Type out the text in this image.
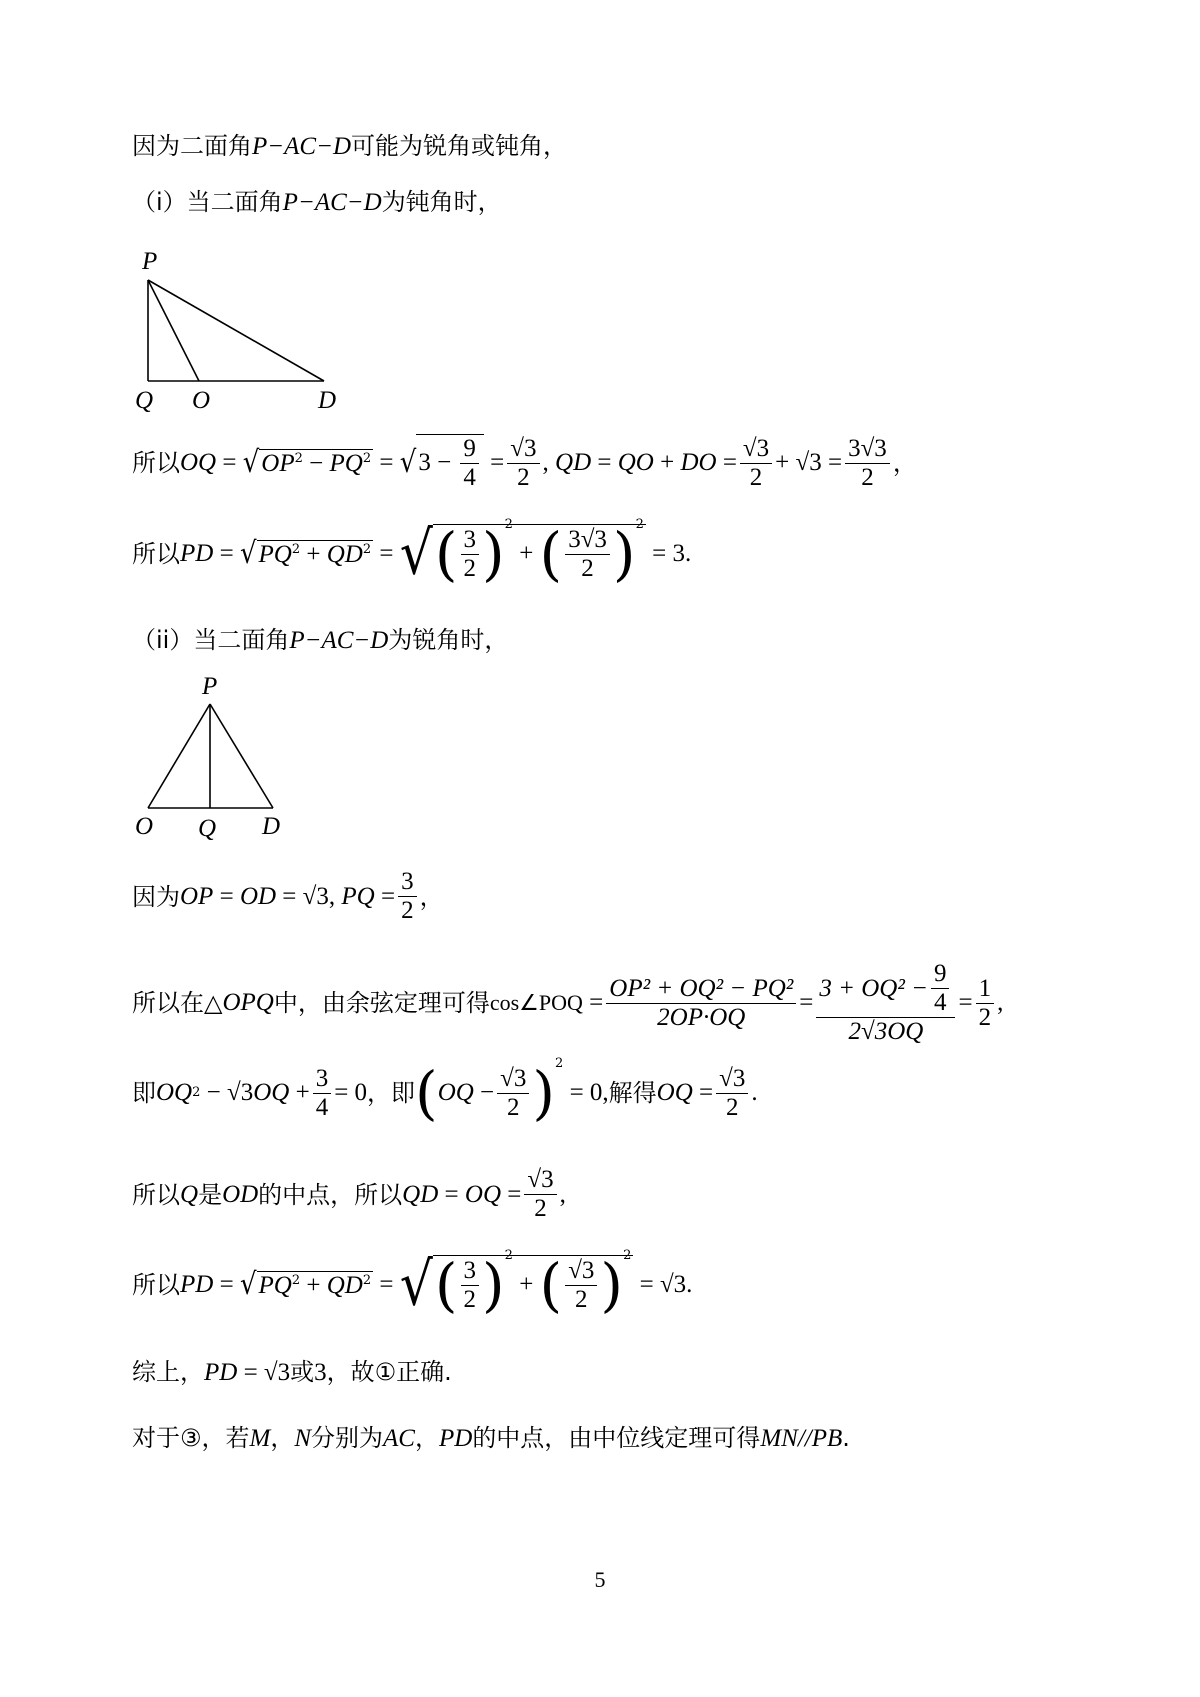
因为二面角P−AC−D可能为锐角或钝角，
（i）当二面角P−AC−D为钝角时，
P
Q O	D
所以 OQ = √ $OP^2 - PQ^2$ = √ $3 - \frac{9}{4} = \frac{√3}{2}$ , QD = QO + DO = $\frac{√3}{2} + √3 = \frac{3√3}{2}$ ，
所以 PD = √ $PQ^2 + QD^2$ = √ ( $\frac{3}{2}$ ) 2
+ ( $\frac{3√3}{2}$ ) 2
= 3 .
（ii）当二面角P−AC−D为锐角时，
P
O Q D
因为 OP = OD = √3, PQ = $\frac{3}{2}$ ，
所以在△ OPQ 中，由余弦定理可得 cos∠POQ = $\frac{\text{OP² + OQ² − PQ²}}{2OP\cdot OQ} = \frac{3 + OQ^2 - \frac{9}{4}}{2√3OQ} = \frac{1}{2}$ ,
即 OQ 2 − √3 OQ + $\frac{3}{4} = 0$ ，即 ( OQ − $\frac{√3}{2}$ ) 2
= 0, 解得 OQ = $\frac{√3}{2}$ .
所以 Q 是 OD 的中点，所以 QD = OQ = $\frac{√3}{2}$ ,
所以 PD = √ $PQ^2 + QD^2$ = √ ( $\frac{3}{2}$ ) 2
+ ( $\frac{√3}{2}$ ) 2
= √3 .
综上，PD = √3或3，故①正确.
对于③，若M，N分别为AC，PD的中点，由中位线定理可得MN//PB.
5
